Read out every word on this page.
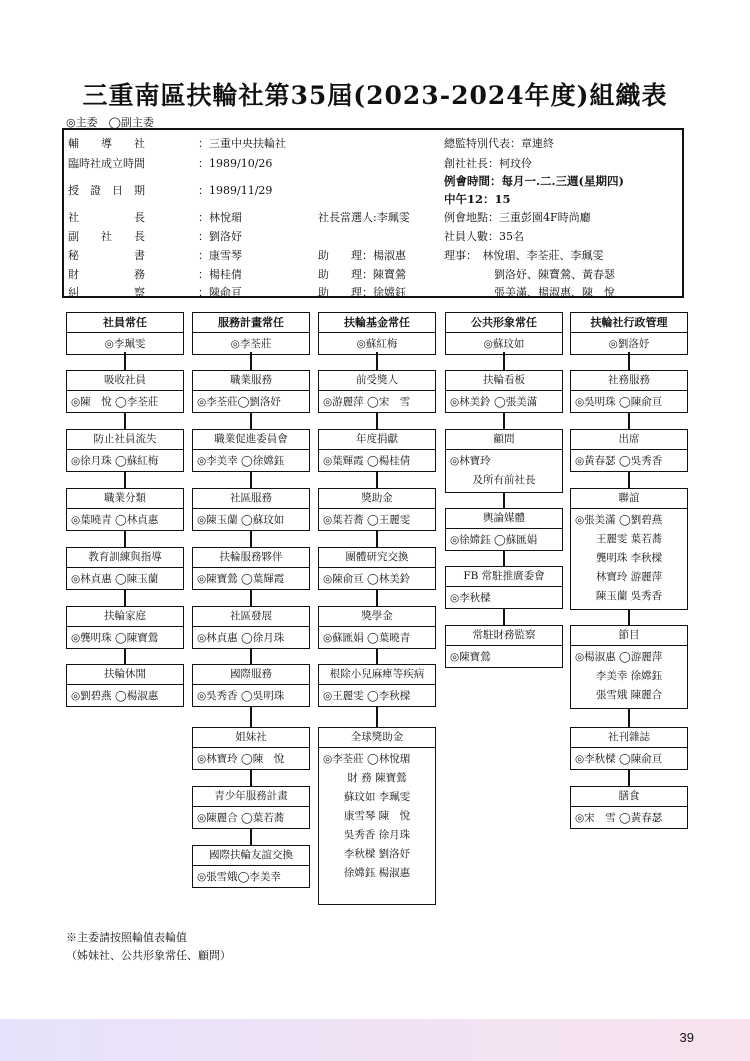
三重南區扶輪社第35屆(2023-2024年度)組織表
◎主委　◯副主委
輔　　導　　社	：三重中央扶輪社	總監特別代表：章連終
臨時社成立時間	：1989/10/26	創社社長：柯玟伶
授　證　日　期	：1989/11/29
例會時間：每月一.二.三週(星期四)
中午12：15
社　　　　　長	：林悅瑂	社長當選人:李珮雯	例會地點：三重彭園4F時尚廳
副　　社　　長	：劉洛妤	社員人數：35名
秘　　　　　書	：康雪琴	助　　理：楊淑惠	理事：　林悅瑂、李荃莊、李珮雯
財　　　　　務	：楊桂倩	助　　理：陳寶鶯	劉洛妤、陳寶鶯、黃春瑟
糾　　　　　察	：陳俞亘	助　　理：徐嫦鈺	張美滿、楊淑惠、陳　悅
社員常任
◎李珮雯
服務計畫常任
◎李荃莊
扶輪基金常任
◎蘇紅梅
公共形象常任
◎蘇玟如
扶輪社行政管理
◎劉洛妤
吸收社員
◎陳　悅 ◯李荃莊
防止社員流失
◎徐月珠 ◯蘇紅梅
職業分類
◎葉曉青 ◯林貞惠
教育訓練與指導
◎林貞惠 ◯陳玉蘭
扶輪家庭
◎龔明珠 ◯陳寶鶯
扶輪休閒
◎劉碧燕 ◯楊淑惠
職業服務
◎李荃莊◯劉洛妤
職業促進委員會
◎李美幸 ◯徐嫦鈺
社區服務
◎陳玉蘭 ◯蘇玟如
扶輪服務夥伴
◎陳寶鶯 ◯葉輝霞
社區發展
◎林貞惠 ◯徐月珠
國際服務
◎吳秀香 ◯吳明珠
姐妹社
◎林寶玲 ◯陳　悅
青少年服務計畫
◎陳麗合 ◯葉若蕎
國際扶輪友誼交換
◎張雪娥◯李美幸
前受獎人
◎游麗萍 ◯宋　雪
年度捐獻
◎葉輝霞 ◯楊桂倩
獎助金
◎葉若蕎 ◯王麗雯
團體研究交換
◎陳俞亘 ◯林美鈴
獎學金
◎蘇匯娟 ◯葉曉青
根除小兒麻痺等疾病
◎王麗雯 ◯李秋樑
全球獎助金
◎李荃莊 ◯林悅瑂
財 務 陳寶鶯
蘇玟如 李珮雯
康雪琴 陳　悅
吳秀香 徐月珠
李秋樑 劉洛妤
徐嫦鈺 楊淑惠
扶輪看板
◎林美鈴 ◯張美滿
顧問
◎林寶玲
及所有前社長
輿論媒體
◎徐嫦鈺 ◯蘇匯娟
FB 常駐推廣委會
◎李秋樑
常駐財務監察
◎陳寶鶯
社務服務
◎吳明珠 ◯陳俞亘
出席
◎黃春瑟 ◯吳秀香
聯誼
◎張美滿 ◯劉碧燕
王麗雯 葉若蕎
龔明珠 李秋樑
林寶玲 游麗萍
陳玉蘭 吳秀香
節目
◎楊淑惠 ◯游麗萍
李美幸 徐嫦鈺
張雪娥 陳麗合
社刊雜誌
◎李秋樑 ◯陳俞亘
膳食
◎宋　雪 ◯黃春瑟
※主委請按照輪值表輪值
（姊妹社、公共形象常任、顧問）
39
